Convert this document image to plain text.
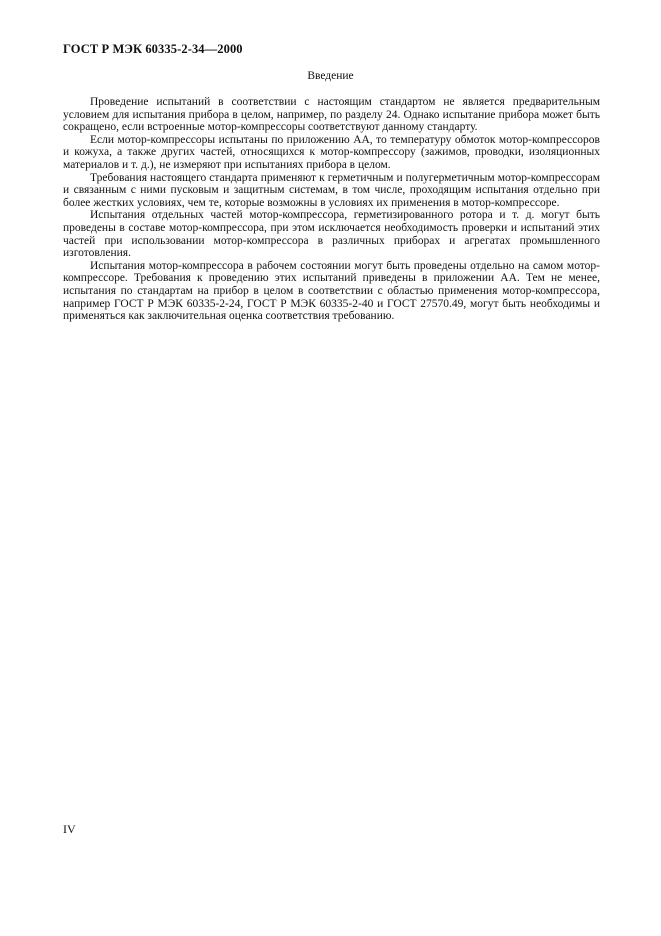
ГОСТ Р МЭК 60335-2-34—2000
Введение

Проведение испытаний в соответствии с настоящим стандартом не является предварительным условием для испытания прибора в целом, например, по разделу 24. Однако испытание прибора может быть сокращено, если встроенные мотор-компрессоры соответствуют данному стандарту.

Если мотор-компрессоры испытаны по приложению АА, то температуру обмоток мотор-компрессоров и кожуха, а также других частей, относящихся к мотор-компрессору (зажимов, проводки, изоляционных материалов и т. д.), не измеряют при испытаниях прибора в целом.

Требования настоящего стандарта применяют к герметичным и полугерметичным мотор-компрессорам и связанным с ними пусковым и защитным системам, в том числе, проходящим испытания отдельно при более жестких условиях, чем те, которые возможны в условиях их применения в мотор-компрессоре.

Испытания отдельных частей мотор-компрессора, герметизированного ротора и т. д. могут быть проведены в составе мотор-компрессора, при этом исключается необходимость проверки и испытаний этих частей при использовании мотор-компрессора в различных приборах и агрегатах промышленного изготовления.

Испытания мотор-компрессора в рабочем состоянии могут быть проведены отдельно на самом мотор-компрессоре. Требования к проведению этих испытаний приведены в приложении АА. Тем не менее, испытания по стандартам на прибор в целом в соответствии с областью применения мотор-компрессора, например ГОСТ Р МЭК 60335-2-24, ГОСТ Р МЭК 60335-2-40 и ГОСТ 27570.49, могут быть необходимы и применяться как заключительная оценка соответствия требованию.

IV
